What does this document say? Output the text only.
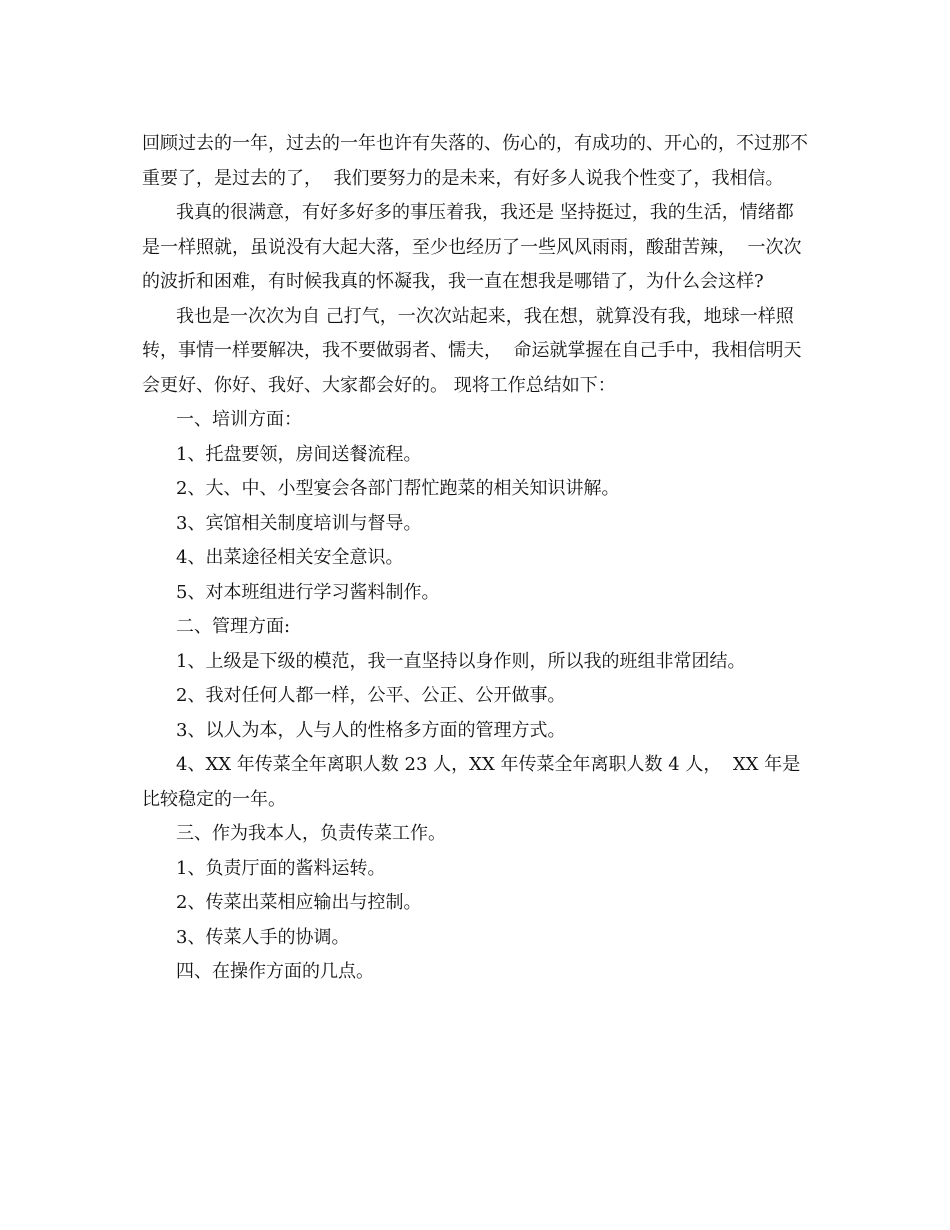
回顾过去的一年，过去的一年也许有失落的、伤心的，有成功的、开心的，不过那不重要了，是过去的了，  我们要努力的是未来，有好多人说我个性变了，我相信。

我真的很满意，有好多好多的事压着我，我还是 坚持挺过，我的生活，情绪都是一样照就，虽说没有大起大落，至少也经历了一些风风雨雨，酸甜苦辣，  一次次的波折和困难，有时候我真的怀凝我，我一直在想我是哪错了，为什么会这样?

我也是一次次为自 己打气，一次次站起来，我在想，就算没有我，地球一样照转，事情一样要解决，我不要做弱者、懦夫，  命运就掌握在自己手中，我相信明天会更好、你好、我好、大家都会好的。 现将工作总结如下：

一、培训方面：

1、托盘要领，房间送餐流程。

2、大、中、小型宴会各部门帮忙跑菜的相关知识讲解。

3、宾馆相关制度培训与督导。

4、出菜途径相关安全意识。

5、对本班组进行学习酱料制作。

二、管理方面:

1、上级是下级的模范，我一直坚持以身作则，所以我的班组非常团结。

2、我对任何人都一样，公平、公正、公开做事。

3、以人为本，人与人的性格多方面的管理方式。

4、XX 年传菜全年离职人数 23 人，XX 年传菜全年离职人数 4 人，  XX 年是比较稳定的一年。

三、作为我本人，负责传菜工作。

1、负责厅面的酱料运转。

2、传菜出菜相应输出与控制。

3、传菜人手的协调。

四、在操作方面的几点。
